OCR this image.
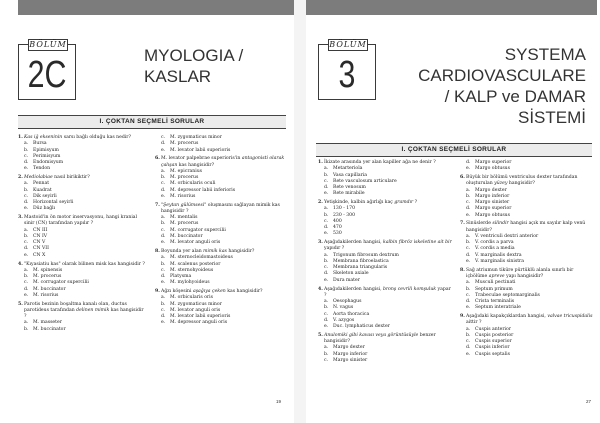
BÖLÜM
2C	MYOLOGIA / KASLAR
I. ÇOKTAN SEÇMELİ SORULAR
1. Kas iğ ekseninin sarsı bağlı olduğu kas nedir?
a.	Bursa
b. Epimisyum
c.	Perimisyum
d. Endomisyum
e.	Tendon
2. Mediolabiae nasıl birikiktir?
a.	Pennat
b. Kuadrat
c.	Dik seyirli
d. Horizontal seyirli
e.	Düz bağlı
3. Mastoid'in ön motor inservasyonu, hangi kranial sinir (CN) tarafından yapılır ?
a.	CN III
b. CN IV
c.	CN V
d. CN VII
e.	CN X
4. "Kıyasiatiu kas" olarak bilinen misk kas hangisidir ?
a.	M. spinensis
b. M. procerus
c.	M. corrugator supercilii
d. M. buccinator
e.	M. risorius
5. Parotis bezinin boşaltma kanalı olan, ductus parotideus tarafından delinen mimik kas hangisidir ?
a.	M. masseter
b. M. buccinator
c.	M. zygomaticus minor
d. M. procerus
e.	M. levator labii superioris
6. M. levator palpebrae superioris'in antagonisti olarak çalışan kas hangisidir?
a.	M. epicranius
b. M. procerus
c.	M. orbicularis oculi
d. M. depressor labii inferioris
e.	M. risorius
7. "Şeytan gülümsesi" oluşmasını sağlayan mimik kas hangisidir ?
a.	M. mentalis
b. M. procerus
c.	M. corrugator supercilii
d. M. buccinator
e.	M. levator anguli oris
8. Boyunda yer alan mimik kas hangisidir?
a.	M. sternocleidomastoideus
b. M. scalenus posterior
c.	M. sternohyoideus
d. Platysma
e.	M. mylohyoideus
9. Ağzı köşesini aşağıya çeken kas hangisidir?
a.	M. orbicularis oris
b. M. zygomaticus minor
c.	M. levator anguli oris
d. M. levator labii superioris
e.	M. depressor anguli oris
19
BÖLÜM
3	SYSTEMA CARDIOVASCULARE
/ KALP ve DAMAR SİSTEMİ
I. ÇOKTAN SEÇMELİ SORULAR
1. İkizate arasında yer alan kapiller ağa ne denir ?
a.	Metarteriola
b. Vasa capillaria
c.	Rete vasculosum articulare
d. Rete venosum
e.	Rete mirabile
2. Yetişkinde, kalbin ağırlığı kaç gramdır ?
a.	130 - 170
b. 230 - 300
c.	400
d. 470
e.	530
3. Aşağıdakilerden hangisi, kalbin fibröz iskeletine ait bir yapıdır ?
a.	Trigonum fibrosum dextrum
b. Membrana fibroelastica
c.	Membrana triangularis
d. Skeleton axiale
e.	Dura mater
4. Aşağıdakilerden hangisi, bronş cevrili komşuluk yapar ?
a.	Oesophagus
b. N. vagus
c.	Aorta thoracica
d. V. azygos
e.	Duc. lymphaticus dexter
5. Anulomiki gibi kavası veya görüntüsüyle benzer hangisidir?
a.	Margo dexter
b. Margo inferior
c.	Margo sinister
d. Margo superior
e.	Margo obtusus
6. Büyük bir bölümü ventriculus dexter tarafından oluşturulan yüzey hangisidir?
a.	Margo dexter
b. Margo inferior
c.	Margo sinister
d. Margo superior
e.	Margo obtusus
7. Sinüslerde silindir hangisi açık mı sayılır kalp venü hangisidir?
a.	V. ventriculi dextri anterior
b. V. cordis a parva
c.	V. cordis a media
d. V. marginalis dextra
e.	V. marginalis sinistra
8. Sağ atriumun tiküre pürtüklü alanla sınırlı bir içbölüme apreve yapı hangisidir?
a.	Musculi pectinati
b. Septum primum
c.	Trabeculae septomarginalis
d. Crista terminalis
e.	Septum interatriale
9. Aşağıdaki kapakçıklardan hangisi, valvae tricuspidalis aittir ?
a.	Cuspis anterior
b. Cuspis posterior
c.	Cuspis superior
d. Cuspis inferior
e.	Cuspis septalis
27
